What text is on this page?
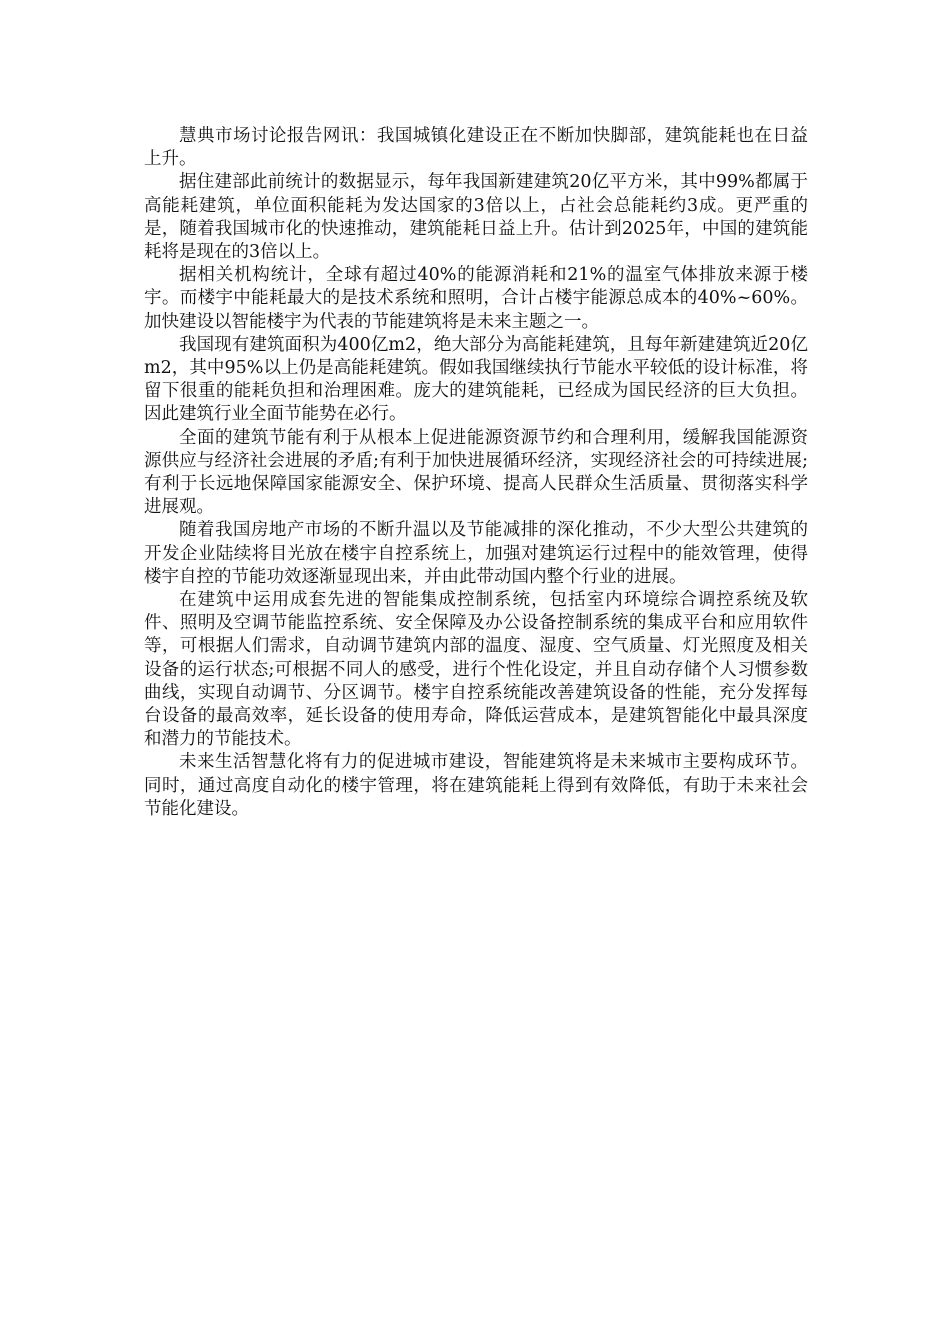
慧典市场讨论报告网讯：我国城镇化建设正在不断加快脚部，建筑能耗也在日益上升。

据住建部此前统计的数据显示，每年我国新建建筑20亿平方米，其中99%都属于高能耗建筑，单位面积能耗为发达国家的3倍以上，占社会总能耗约3成。更严重的是，随着我国城市化的快速推动，建筑能耗日益上升。估计到2025年，中国的建筑能耗将是现在的3倍以上。

据相关机构统计，全球有超过40%的能源消耗和21%的温室气体排放来源于楼宇。而楼宇中能耗最大的是技术系统和照明，合计占楼宇能源总成本的40%~60%。加快建设以智能楼宇为代表的节能建筑将是未来主题之一。

我国现有建筑面积为400亿m2，绝大部分为高能耗建筑，且每年新建建筑近20亿m2，其中95%以上仍是高能耗建筑。假如我国继续执行节能水平较低的设计标准，将留下很重的能耗负担和治理困难。庞大的建筑能耗，已经成为国民经济的巨大负担。因此建筑行业全面节能势在必行。

全面的建筑节能有利于从根本上促进能源资源节约和合理利用，缓解我国能源资源供应与经济社会进展的矛盾;有利于加快进展循环经济，实现经济社会的可持续进展;有利于长远地保障国家能源安全、保护环境、提高人民群众生活质量、贯彻落实科学进展观。

随着我国房地产市场的不断升温以及节能减排的深化推动，不少大型公共建筑的开发企业陆续将目光放在楼宇自控系统上，加强对建筑运行过程中的能效管理，使得楼宇自控的节能功效逐渐显现出来，并由此带动国内整个行业的进展。

在建筑中运用成套先进的智能集成控制系统，包括室内环境综合调控系统及软件、照明及空调节能监控系统、安全保障及办公设备控制系统的集成平台和应用软件等，可根据人们需求，自动调节建筑内部的温度、湿度、空气质量、灯光照度及相关设备的运行状态;可根据不同人的感受，进行个性化设定，并且自动存储个人习惯参数曲线，实现自动调节、分区调节。楼宇自控系统能改善建筑设备的性能，充分发挥每台设备的最高效率，延长设备的使用寿命，降低运营成本，是建筑智能化中最具深度和潜力的节能技术。

未来生活智慧化将有力的促进城市建设，智能建筑将是未来城市主要构成环节。同时，通过高度自动化的楼宇管理，将在建筑能耗上得到有效降低，有助于未来社会节能化建设。
